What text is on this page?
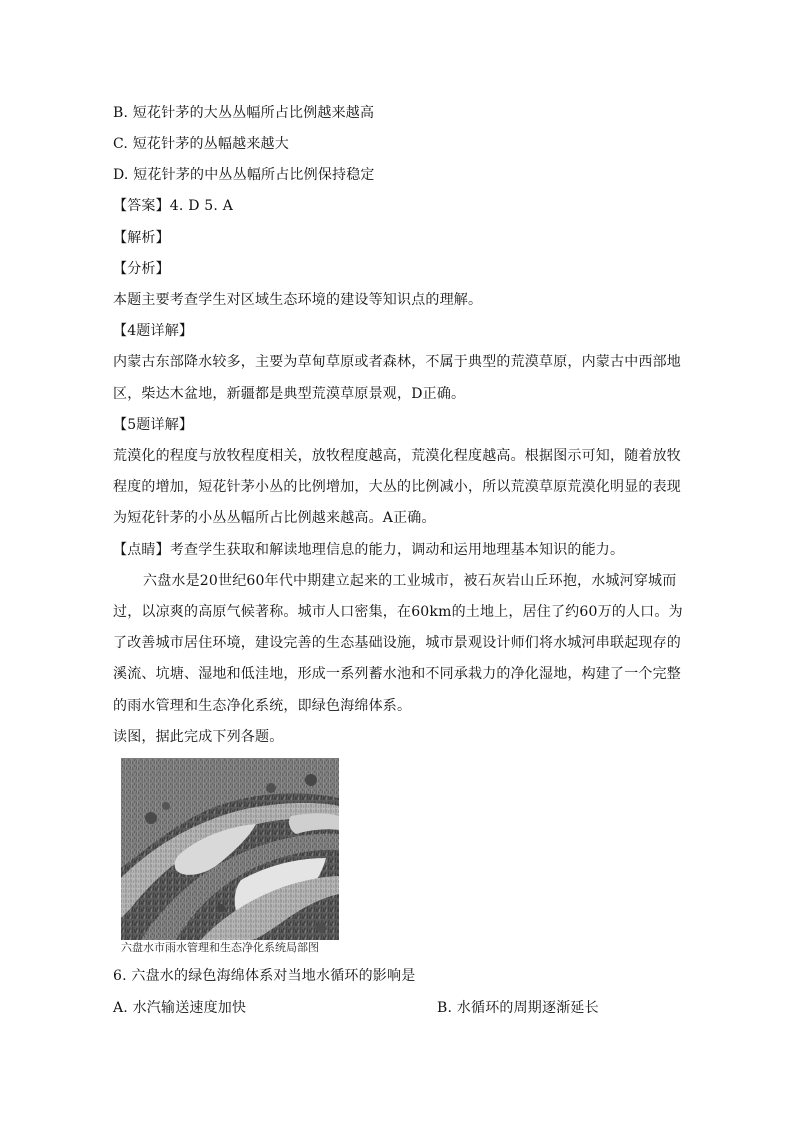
B. 短花针茅的大丛丛幅所占比例越来越高
C. 短花针茅的丛幅越来越大
D. 短花针茅的中丛丛幅所占比例保持稳定
【答案】4. D 5. A
【解析】
【分析】
本题主要考查学生对区域生态环境的建设等知识点的理解。
【4题详解】
内蒙古东部降水较多，主要为草甸草原或者森林，不属于典型的荒漠草原，内蒙古中西部地
区，柴达木盆地，新疆都是典型荒漠草原景观，D正确。
【5题详解】
荒漠化的程度与放牧程度相关，放牧程度越高，荒漠化程度越高。根据图示可知，随着放牧
程度的增加，短花针茅小丛的比例增加，大丛的比例减小，所以荒漠草原荒漠化明显的表现
为短花针茅的小丛丛幅所占比例越来越高。A正确。
【点睛】考查学生获取和解读地理信息的能力，调动和运用地理基本知识的能力。
六盘水是20世纪60年代中期建立起来的工业城市，被石灰岩山丘环抱，水城河穿城而
过，以凉爽的高原气候著称。城市人口密集，在60km的土地上，居住了约60万的人口。为
了改善城市居住环境，建设完善的生态基础设施，城市景观设计师们将水城河串联起现存的
溪流、坑塘、湿地和低洼地，形成一系列蓄水池和不同承栽力的净化湿地，构建了一个完整
的雨水管理和生态净化系统，即绿色海绵体系。
读图，据此完成下列各题。
六盘水市雨水管理和生态净化系统局部图
6. 六盘水的绿色海绵体系对当地水循环的影响是
A. 水汽输送速度加快	B. 水循环的周期逐渐延长
